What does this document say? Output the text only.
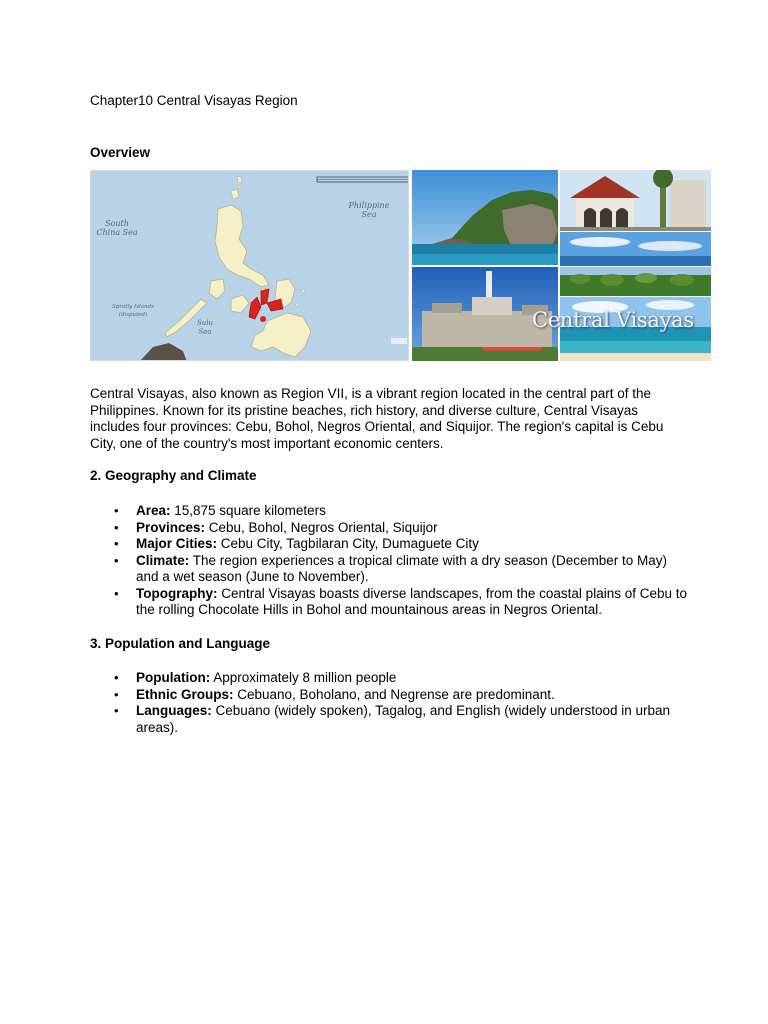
Chapter10 Central Visayas Region
Overview
South
China Sea
Philippine
Sea
Spratly Islands
(disputed)
Sulu
Sea	Central Visayas

Central Visayas, also known as Region VII, is a vibrant region located in the central part of the Philippines. Known for its pristine beaches, rich history, and diverse culture, Central Visayas includes four provinces: Cebu, Bohol, Negros Oriental, and Siquijor. The region's capital is Cebu City, one of the country's most important economic centers.

2. Geography and Climate
• Area: 15,875 square kilometers
• Provinces: Cebu, Bohol, Negros Oriental, Siquijor
• Major Cities: Cebu City, Tagbilaran City, Dumaguete City
• Climate: The region experiences a tropical climate with a dry season (December to May) and a wet season (June to November).
• Topography: Central Visayas boasts diverse landscapes, from the coastal plains of Cebu to the rolling Chocolate Hills in Bohol and mountainous areas in Negros Oriental.
3. Population and Language
• Population: Approximately 8 million people
• Ethnic Groups: Cebuano, Boholano, and Negrense are predominant.
• Languages: Cebuano (widely spoken), Tagalog, and English (widely understood in urban areas).
